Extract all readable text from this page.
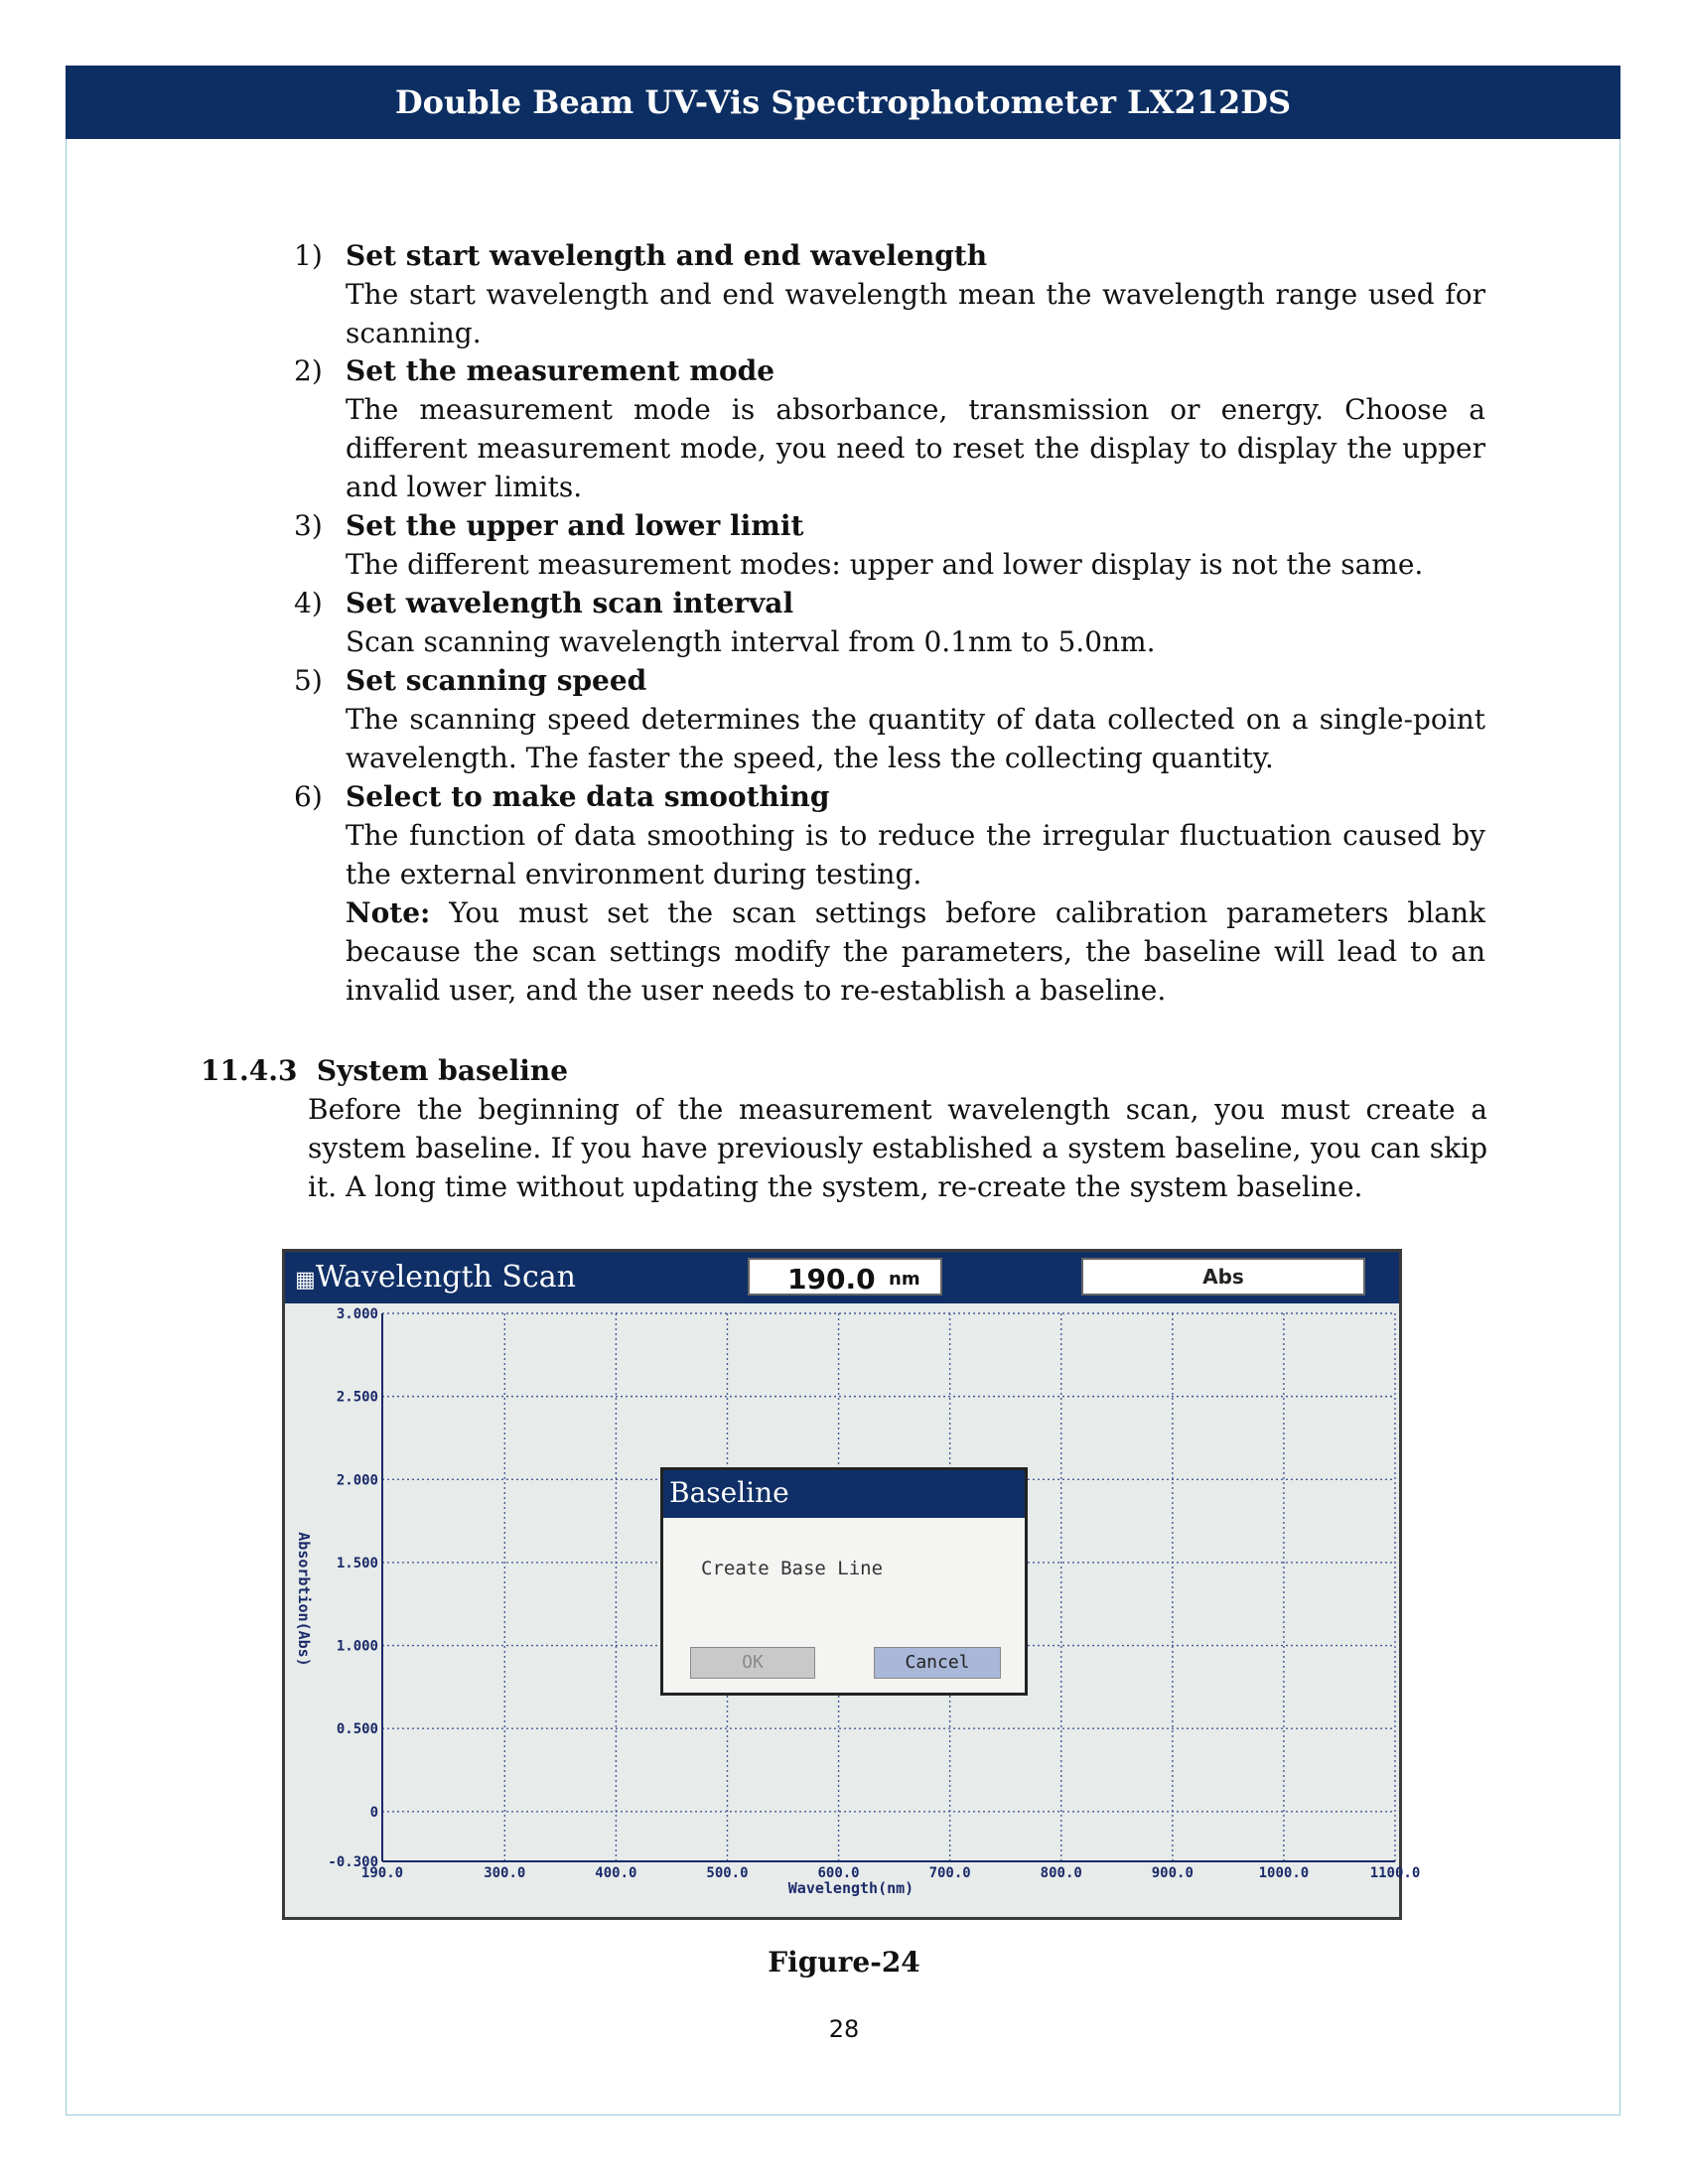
Double Beam UV-Vis Spectrophotometer LX212DS
1) Set start wavelength and end wavelength
The start wavelength and end wavelength mean the wavelength range used for scanning.
2) Set the measurement mode
The measurement mode is absorbance, transmission or energy. Choose a different measurement mode, you need to reset the display to display the upper and lower limits.
3) Set the upper and lower limit
The different measurement modes: upper and lower display is not the same.
4) Set wavelength scan interval
Scan scanning wavelength interval from 0.1nm to 5.0nm.
5) Set scanning speed
The scanning speed determines the quantity of data collected on a single-point wavelength. The faster the speed, the less the collecting quantity.
6) Select to make data smoothing
The function of data smoothing is to reduce the irregular fluctuation caused by the external environment during testing.
Note: You must set the scan settings before calibration parameters blank because the scan settings modify the parameters, the baseline will lead to an invalid user, and the user needs to re-establish a baseline.
11.4.3  System baseline
Before the beginning of the measurement wavelength scan, you must create a system baseline. If you have previously established a system baseline, you can skip it. A long time without updating the system, re-create the system baseline.
▦Wavelength Scan	190.0 nm	Abs
3.000
2.500
2.000
1.500
1.000
0.500
0
-0.300
190.0	300.0	400.0	500.0	600.0	700.0	800.0	900.0	1000.0	1100.0
Wavelength(nm)
Absorbtion(Abs)
Baseline
Create Base Line
OK	Cancel
Figure-24
28
